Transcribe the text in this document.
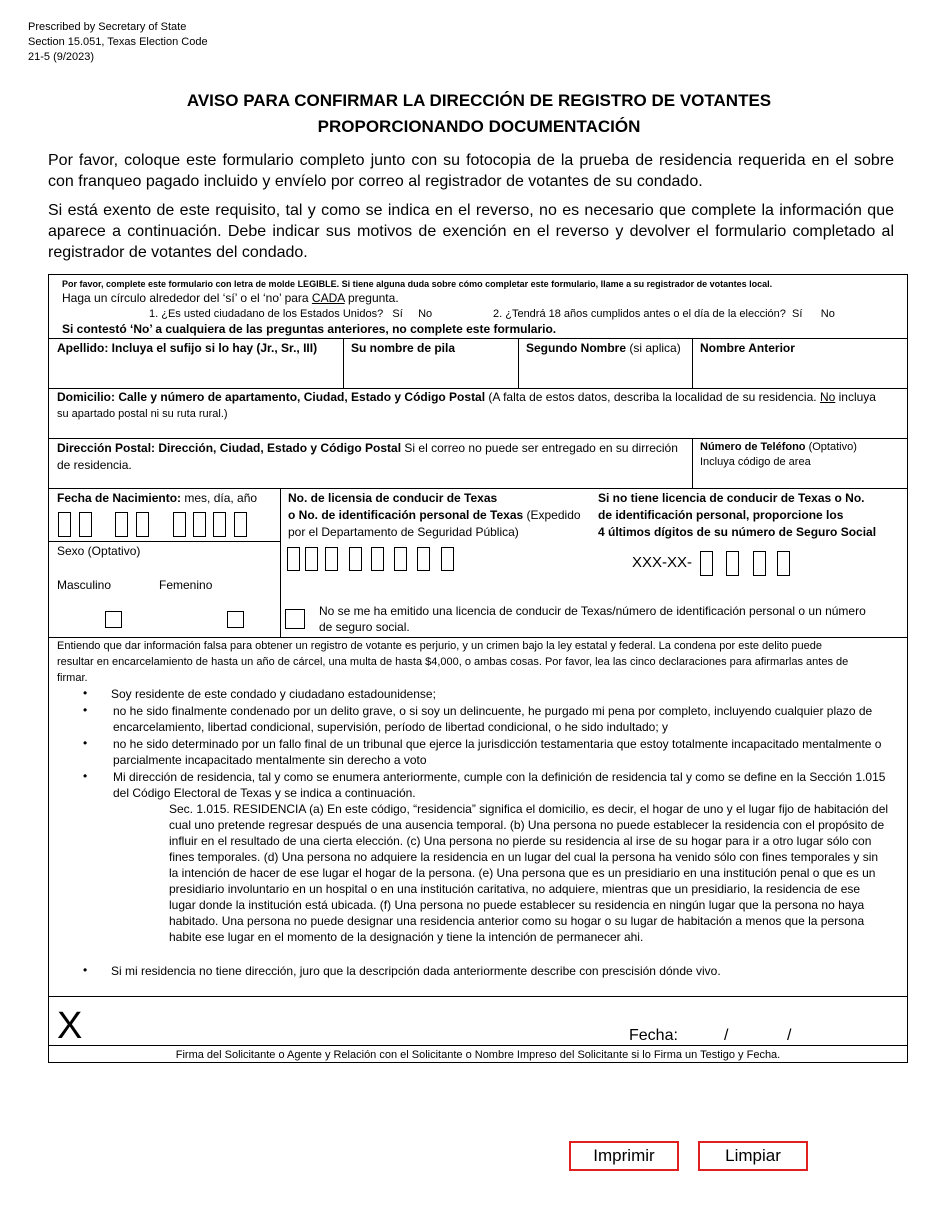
Prescribed by Secretary of State
Section 15.051, Texas Election Code
21-5 (9/2023)
AVISO PARA CONFIRMAR LA DIRECCIÓN DE REGISTRO DE VOTANTES
PROPORCIONANDO DOCUMENTACIÓN
Por favor, coloque este formulario completo junto con su fotocopia de la prueba de residencia requerida en el sobre con franqueo pagado incluido y envíelo por correo al registrador de votantes de su condado.
Si está exento de este requisito, tal y como se indica en el reverso, no es necesario que complete la información que aparece a continuación. Debe indicar sus motivos de exención en el reverso y devolver el formulario completado al registrador de votantes del condado.
Por favor, complete este formulario con letra de molde LEGIBLE. Si tiene alguna duda sobre cómo completar este formulario, llame a su registrador de votantes local.
Haga un círculo alrededor del ‘sí’ o el ‘no’ para CADA pregunta.
1. ¿Es usted ciudadano de los Estados Unidos? Sí No	2. ¿Tendrá 18 años cumplidos antes o el día de la elección? Sí No
Si contestó ‘No’ a cualquiera de las preguntas anteriores, no complete este formulario.
Apellido: Incluya el sufijo si lo hay (Jr., Sr., III)	Su nombre de pila	Segundo Nombre (si aplica) Nombre Anterior
Domicilio: Calle y número de apartamento, Ciudad, Estado y Código Postal (A falta de estos datos, describa la localidad de su residencia. No incluya
su apartado postal ni su ruta rural.)
Dirección Postal: Dirección, Ciudad, Estado y Código Postal Si el correo no puede ser entregado en su dirreción
de residencia.
Número de Teléfono (Optativo)
Incluya código de area
Fecha de Nacimiento: mes, día, año
Sexo (Optativo)
Masculino	Femenino
No. de licensia de conducir de Texas
o No. de identificación personal de Texas (Expedido
por el Departamento de Seguridad Pública)
Si no tiene licencia de conducir de Texas o No.
de identificación personal, proporcione los
4 últimos dígitos de su número de Seguro Social
XXX-XX-
No se me ha emitido una licencia de conducir de Texas/número de identificación personal o un número de seguro social.
Entiendo que dar información falsa para obtener un registro de votante es perjurio, y un crimen bajo la ley estatal y federal. La condena por este delito puede resultar en encarcelamiento de hasta un año de cárcel, una multa de hasta $4,000, o ambas cosas. Por favor, lea las cinco declaraciones para afirmarlas antes de firmar.
• Soy residente de este condado y ciudadano estadounidense;
• no he sido finalmente condenado por un delito grave, o si soy un delincuente, he purgado mi pena por completo, incluyendo cualquier plazo de encarcelamiento, libertad condicional, supervisión, período de libertad condicional, o he sido indultado; y
• no he sido determinado por un fallo final de un tribunal que ejerce la jurisdicción testamentaria que estoy totalmente incapacitado mentalmente o parcialmente incapacitado mentalmente sin derecho a voto
• Mi dirección de residencia, tal y como se enumera anteriormente, cumple con la definición de residencia tal y como se define en la Sección 1.015 del Código Electoral de Texas y se indica a continuación.
Sec. 1.015. RESIDENCIA (a) En este código, “residencia” significa el domicilio, es decir, el hogar de uno y el lugar fijo de habitación del cual uno pretende regresar después de una ausencia temporal. (b) Una persona no puede establecer la residencia con el propósito de influir en el resultado de una cierta elección. (c) Una persona no pierde su residencia al irse de su hogar para ir a otro lugar sólo con fines temporales. (d) Una persona no adquiere la residencia en un lugar del cual la persona ha venido sólo con fines temporales y sin la intención de hacer de ese lugar el hogar de la persona. (e) Una persona que es un presidiario en una institución penal o que es un presidiario involuntario en un hospital o en una institución caritativa, no adquiere, mientras que un presidiario, la residencia de ese lugar donde la institución está ubicada. (f) Una persona no puede establecer su residencia en ningún lugar que la persona no haya habitado. Una persona no puede designar una residencia anterior como su hogar o su lugar de habitación a menos que la persona habite ese lugar en el momento de la designación y tiene la intención de permanecer ahi.
• Si mi residencia no tiene dirección, juro que la descripción dada anteriormente describe con prescisión dónde vivo.
X	Fecha:	/	/
Firma del Solicitante o Agente y Relación con el Solicitante o Nombre Impreso del Solicitante si lo Firma un Testigo y Fecha.
Imprimir	Limpiar
